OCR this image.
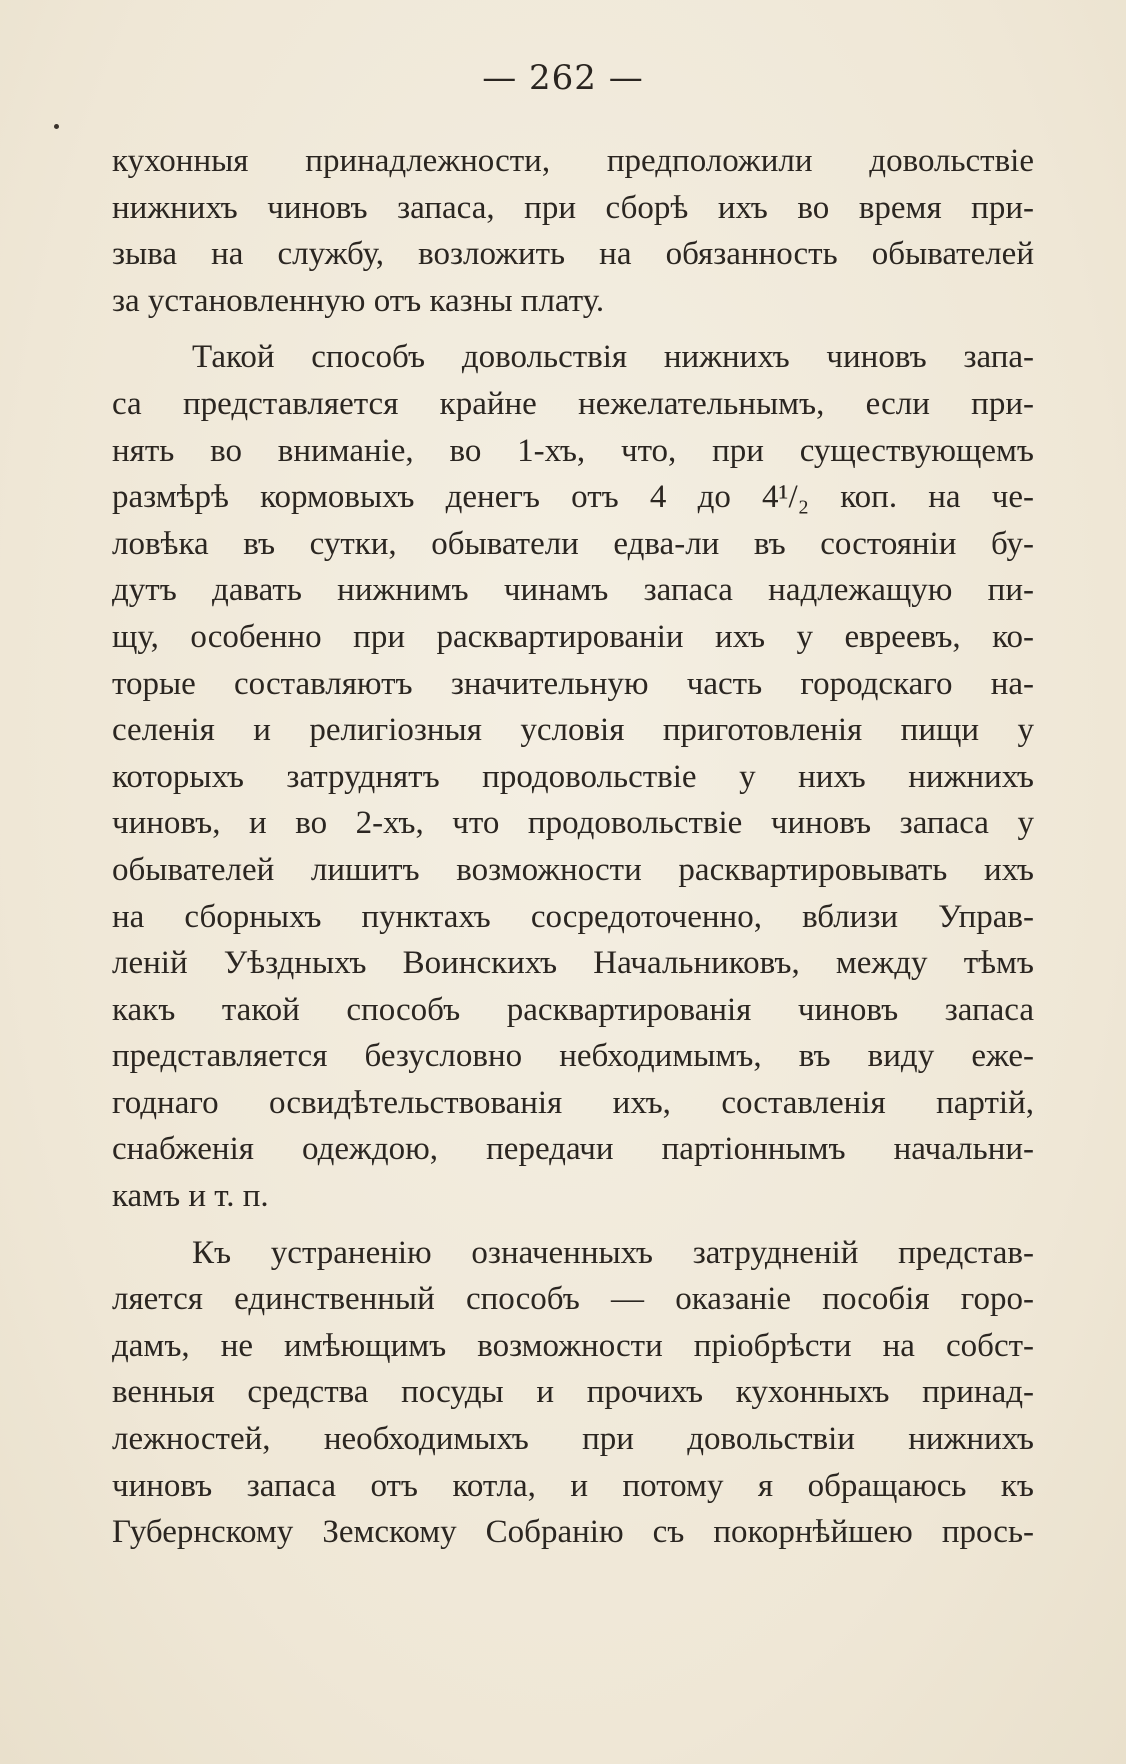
— 262 —
кухонныя принадлежности, предположили довольствіе
нижнихъ чиновъ запаса, при сборѣ ихъ во время при-
зыва на службу, возложить на обязанность обывателей
за установленную отъ казны плату.
Такой способъ довольствія нижнихъ чиновъ запа-
са представляется крайне нежелательнымъ, если при-
нять во вниманіе, во 1-хъ, что, при существующемъ
размѣрѣ кормовыхъ денегъ отъ 4 до 4¹/₂ коп. на че-
ловѣка въ сутки, обыватели едва-ли въ состояніи бу-
дутъ давать нижнимъ чинамъ запаса надлежащую пи-
щу, особенно при расквартированіи ихъ у евреевъ, ко-
торые составляютъ значительную часть городскаго на-
селенія и религіозныя условія приготовленія пищи у
которыхъ затруднятъ продовольствіе у нихъ нижнихъ
чиновъ, и во 2-хъ, что продовольствіе чиновъ запаса у
обывателей лишитъ возможности расквартировывать ихъ
на сборныхъ пунктахъ сосредоточенно, вблизи Управ-
леній Уѣздныхъ Воинскихъ Начальниковъ, между тѣмъ
какъ такой способъ расквартированія чиновъ запаса
представляется безусловно небходимымъ, въ виду еже-
годнаго освидѣтельствованія ихъ, составленія партій,
снабженія одеждою, передачи партіоннымъ начальни-
камъ и т. п.
Къ устраненію означенныхъ затрудненій представ-
ляется единственный способъ — оказаніе пособія горо-
дамъ, не имѣющимъ возможности пріобрѣсти на собст-
венныя средства посуды и прочихъ кухонныхъ принад-
лежностей, необходимыхъ при довольствіи нижнихъ
чиновъ запаса отъ котла, и потому я обращаюсь къ
Губернскому Земскому Собранію съ покорнѣйшею прось-
